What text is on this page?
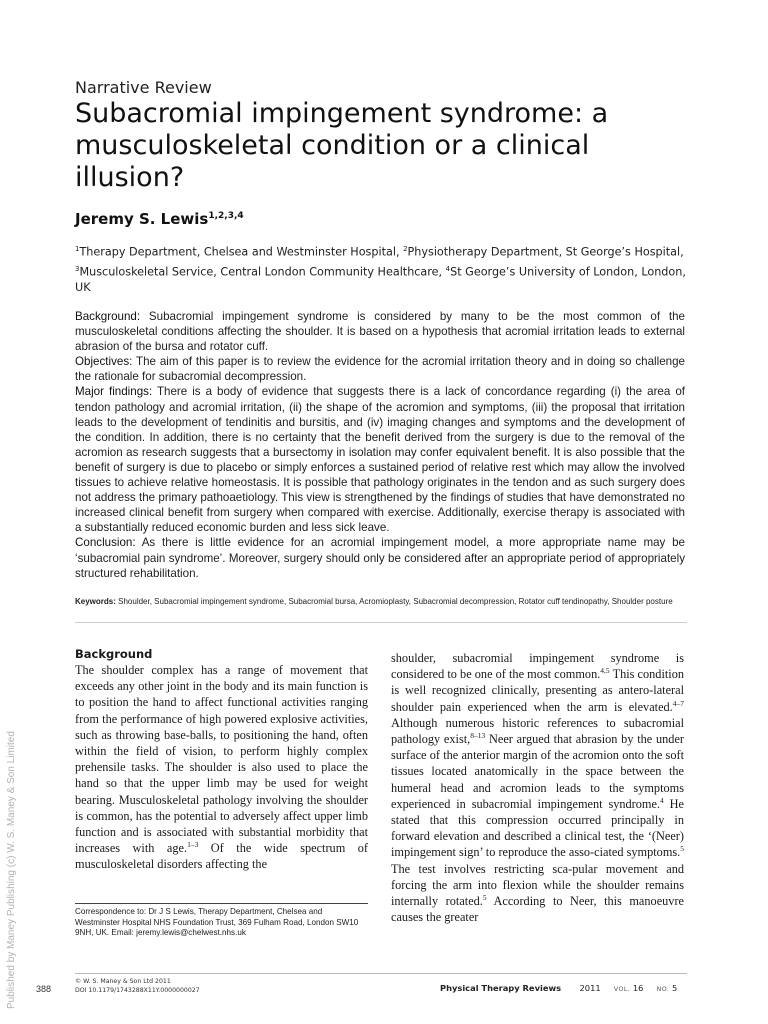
Published by Maney Publishing (c) W. S. Maney & Son Limited
Narrative Review
Subacromial impingement syndrome: a musculoskeletal condition or a clinical illusion?
Jeremy S. Lewis$^{1,2,3,4}$
$^1$Therapy Department, Chelsea and Westminster Hospital, $^2$Physiotherapy Department, St George’s Hospital,
$^3$Musculoskeletal Service, Central London Community Healthcare, $^4$St George’s University of London, London, UK

Background: Subacromial impingement syndrome is considered by many to be the most common of the musculoskeletal conditions affecting the shoulder. It is based on a hypothesis that acromial irritation leads to external abrasion of the bursa and rotator cuff.

Objectives: The aim of this paper is to review the evidence for the acromial irritation theory and in doing so challenge the rationale for subacromial decompression.

Major findings: There is a body of evidence that suggests there is a lack of concordance regarding (i) the area of tendon pathology and acromial irritation, (ii) the shape of the acromion and symptoms, (iii) the proposal that irritation leads to the development of tendinitis and bursitis, and (iv) imaging changes and symptoms and the development of the condition. In addition, there is no certainty that the benefit derived from the surgery is due to the removal of the acromion as research suggests that a bursectomy in isolation may confer equivalent benefit. It is also possible that the benefit of surgery is due to placebo or simply enforces a sustained period of relative rest which may allow the involved tissues to achieve relative homeostasis. It is possible that pathology originates in the tendon and as such surgery does not address the primary pathoaetiology. This view is strengthened by the findings of studies that have demonstrated no increased clinical benefit from surgery when compared with exercise. Additionally, exercise therapy is associated with a substantially reduced economic burden and less sick leave.

Conclusion: As there is little evidence for an acromial impingement model, a more appropriate name may be ‘subacromial pain syndrome’. Moreover, surgery should only be considered after an appropriate period of appropriately structured rehabilitation.

Keywords: Shoulder, Subacromial impingement syndrome, Subacromial bursa, Acromioplasty, Subacromial decompression, Rotator cuff tendinopathy, Shoulder posture
Background

The shoulder complex has a range of movement that exceeds any other joint in the body and its main function is to position the hand to affect functional activities ranging from the performance of high powered explosive activities, such as throwing base-balls, to positioning the hand, often within the field of vision, to perform highly complex prehensile tasks. The shoulder is also used to place the hand so that the upper limb may be used for weight bearing. Musculoskeletal pathology involving the shoulder is common, has the potential to adversely affect upper limb function and is associated with substantial morbidity that increases with age.$^{1-3}$ Of the wide spectrum of musculoskeletal disorders affecting the

shoulder, subacromial impingement syndrome is considered to be one of the most common.$^{4,5}$ This condition is well recognized clinically, presenting as antero-lateral shoulder pain experienced when the arm is elevated.$^{4-7}$ Although numerous historic references to subacromial pathology exist,$^{8-13}$ Neer argued that abrasion by the under surface of the anterior margin of the acromion onto the soft tissues located anatomically in the space between the humeral head and acromion leads to the symptoms experienced in subacromial impingement syndrome.$^4$ He stated that this compression occurred principally in forward elevation and described a clinical test, the ‘(Neer) impingement sign’ to reproduce the asso-ciated symptoms.$^5$ The test involves restricting sca-pular movement and forcing the arm into flexion while the shoulder remains internally rotated.$^5$ According to Neer, this manoeuvre causes the greater

Correspondence to: Dr J S Lewis, Therapy Department, Chelsea and Westminster Hospital NHS Foundation Trust, 369 Fulham Road, London SW10 9NH, UK. Email: jeremy.lewis@chelwest.nhs.uk
388
© W. S. Maney & Son Ltd 2011
DOI 10.1179/1743288X11Y.0000000027	Physical Therapy Reviews 2011 VOL. 16 NO. 5
